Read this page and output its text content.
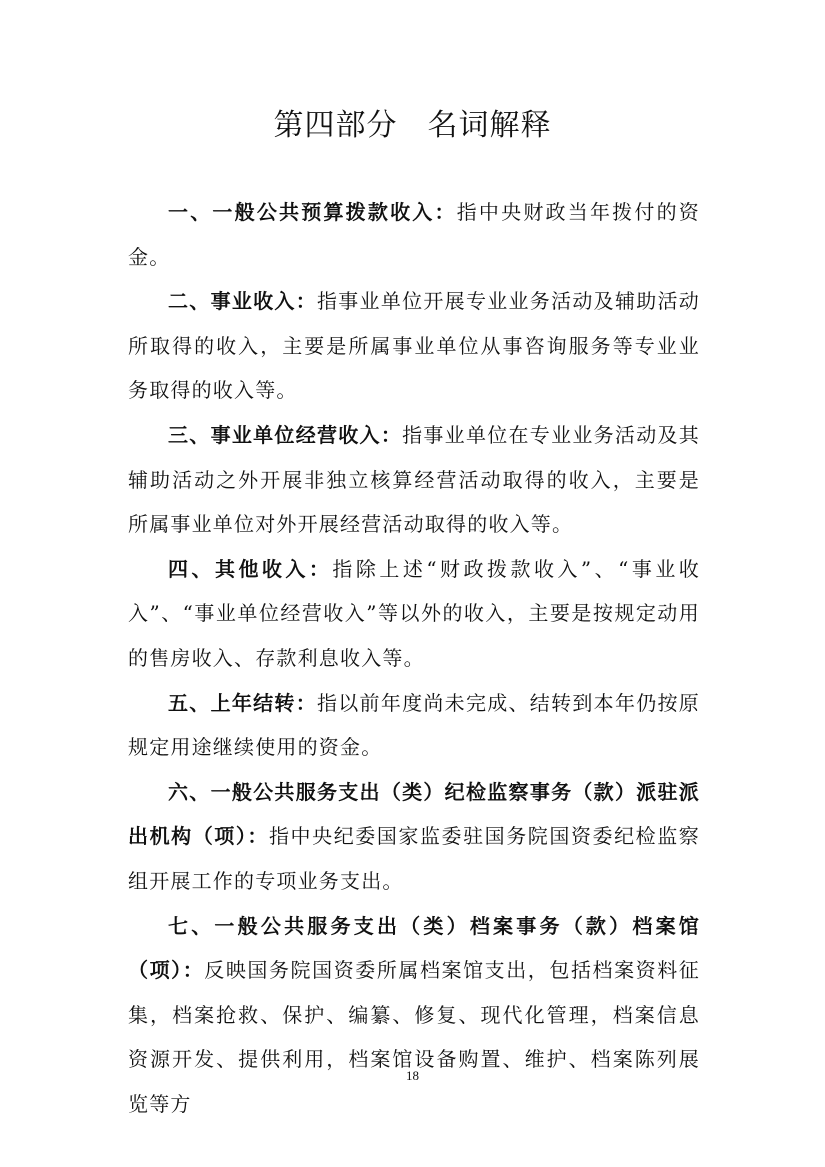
第四部分 名词解释

一、一般公共预算拨款收入：指中央财政当年拨付的资金。

二、事业收入：指事业单位开展专业业务活动及辅助活动所取得的收入，主要是所属事业单位从事咨询服务等专业业务取得的收入等。

三、事业单位经营收入：指事业单位在专业业务活动及其辅助活动之外开展非独立核算经营活动取得的收入，主要是所属事业单位对外开展经营活动取得的收入等。

四、其他收入：指除上述“财政拨款收入”、“事业收入”、“事业单位经营收入”等以外的收入，主要是按规定动用的售房收入、存款利息收入等。

五、上年结转：指以前年度尚未完成、结转到本年仍按原规定用途继续使用的资金。

六、一般公共服务支出（类）纪检监察事务（款）派驻派出机构（项）：指中央纪委国家监委驻国务院国资委纪检监察组开展工作的专项业务支出。

七、一般公共服务支出（类）档案事务（款）档案馆（项）：反映国务院国资委所属档案馆支出，包括档案资料征集，档案抢救、保护、编纂、修复、现代化管理，档案信息资源开发、提供利用，档案馆设备购置、维护、档案陈列展览等方

18
